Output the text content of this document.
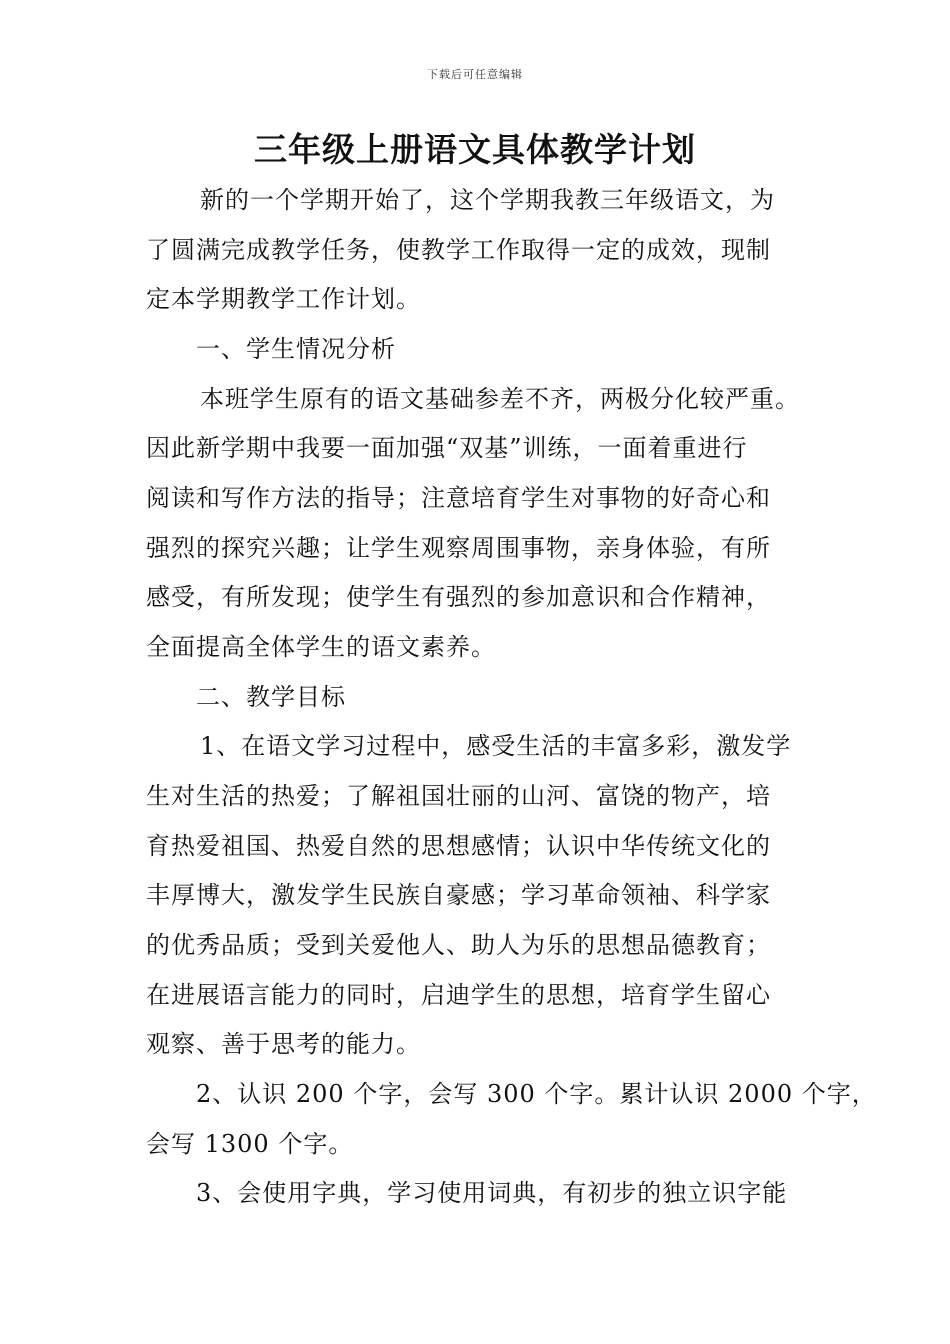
下载后可任意编辑
三年级上册语文具体教学计划
新的一个学期开始了，这个学期我教三年级语文，为
了圆满完成教学任务，使教学工作取得一定的成效，现制
定本学期教学工作计划。
一、学生情况分析
本班学生原有的语文基础参差不齐，两极分化较严重。
因此新学期中我要一面加强“双基”训练，一面着重进行
阅读和写作方法的指导；注意培育学生对事物的好奇心和
强烈的探究兴趣；让学生观察周围事物，亲身体验，有所
感受，有所发现；使学生有强烈的参加意识和合作精神，
全面提高全体学生的语文素养。
二、教学目标
1、在语文学习过程中，感受生活的丰富多彩，激发学
生对生活的热爱；了解祖国壮丽的山河、富饶的物产，培
育热爱祖国、热爱自然的思想感情；认识中华传统文化的
丰厚博大，激发学生民族自豪感；学习革命领袖、科学家
的优秀品质；受到关爱他人、助人为乐的思想品德教育；
在进展语言能力的同时，启迪学生的思想，培育学生留心
观察、善于思考的能力。
2、认识 200 个字，会写 300 个字。累计认识 2000 个字，
会写 1300 个字。
3、会使用字典，学习使用词典，有初步的独立识字能
